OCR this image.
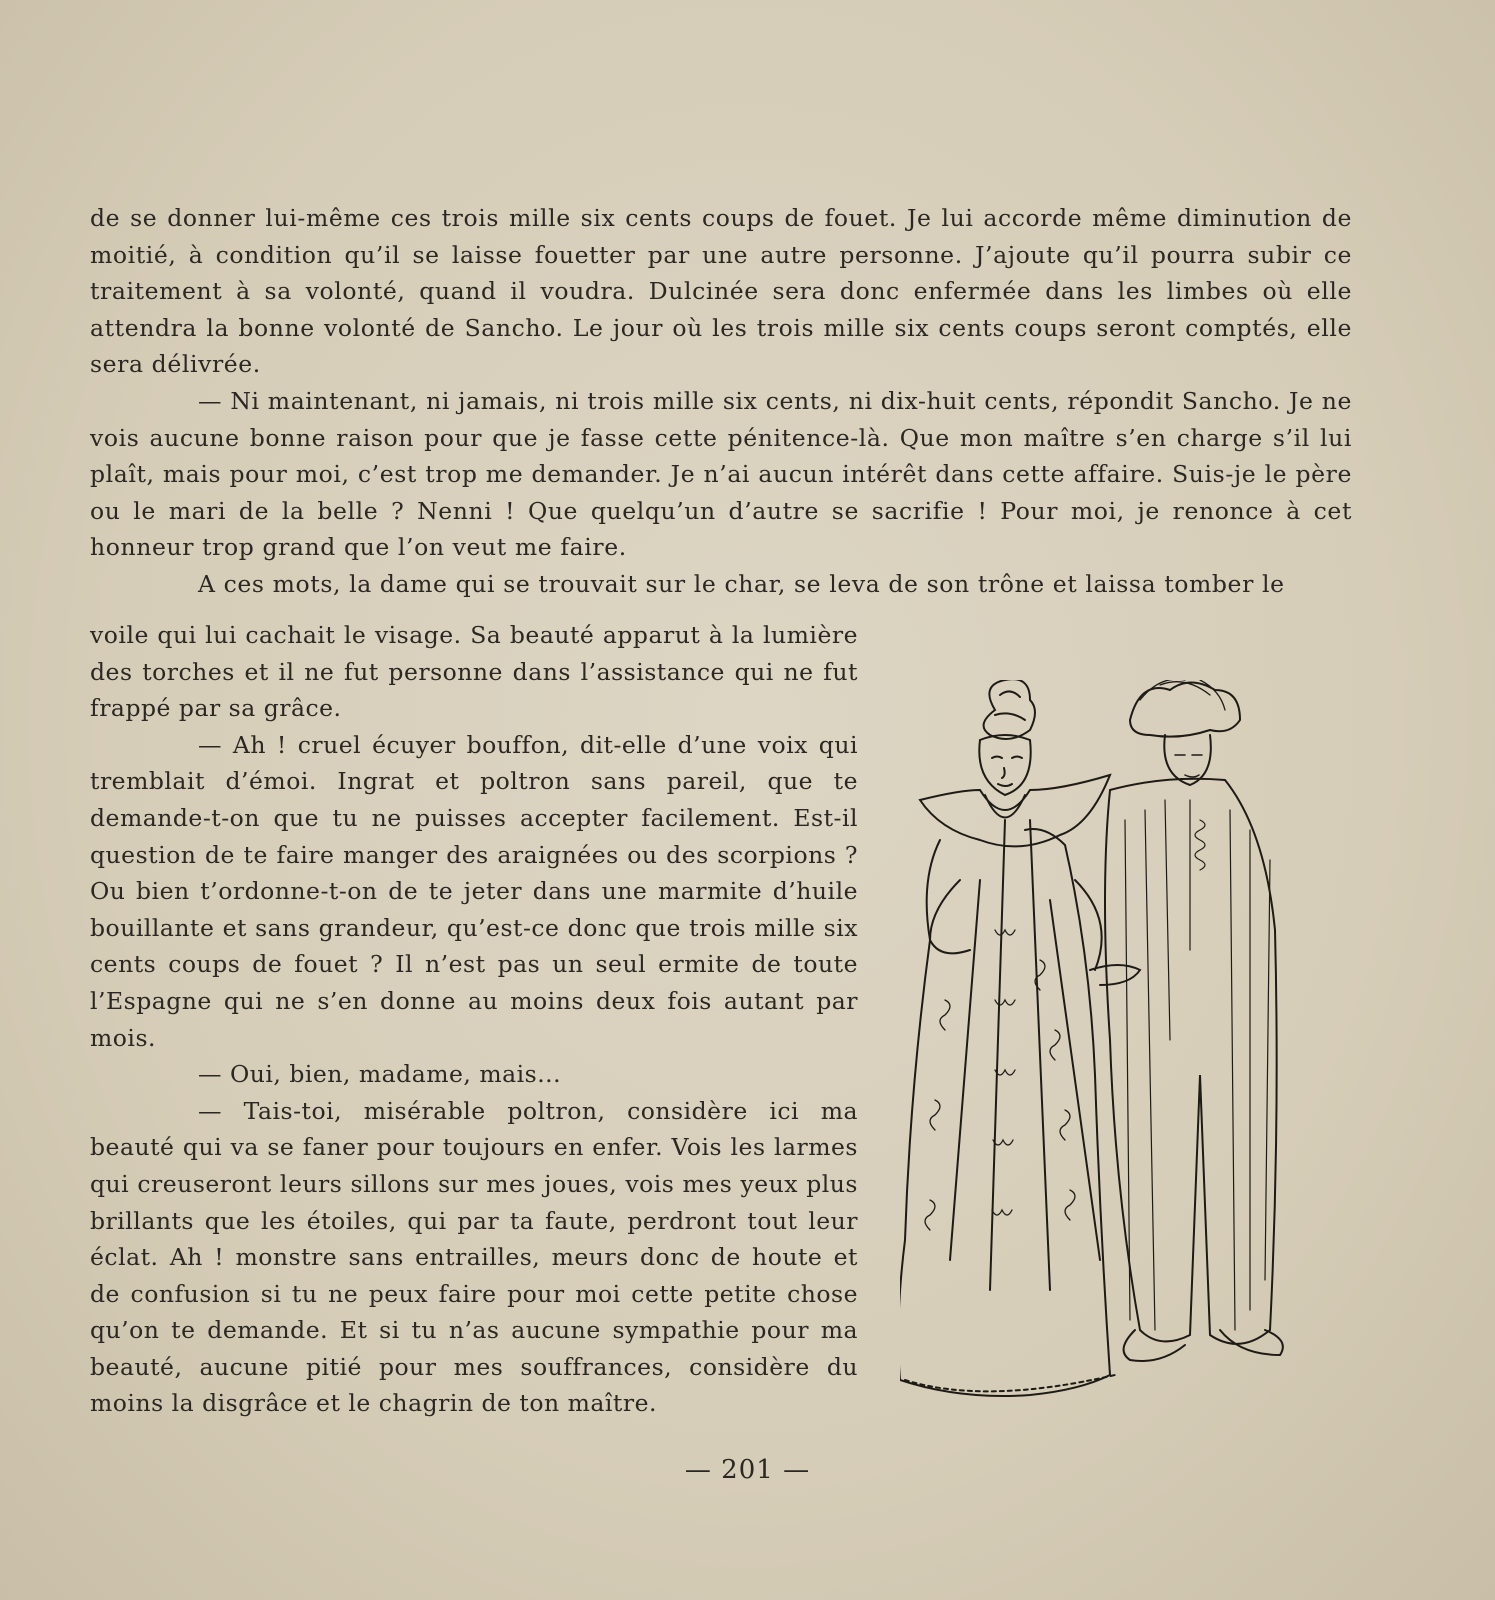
de se donner lui-même ces trois mille six cents coups de fouet. Je lui accorde même diminution de moitié, à condition qu’il se laisse fouetter par une autre personne. J’ajoute qu’il pourra subir ce traitement à sa volonté, quand il voudra. Dulcinée sera donc enfermée dans les limbes où elle attendra la bonne volonté de Sancho. Le jour où les trois mille six cents coups seront comptés, elle sera délivrée.

— Ni maintenant, ni jamais, ni trois mille six cents, ni dix-huit cents, répondit Sancho. Je ne vois aucune bonne raison pour que je fasse cette pénitence-là. Que mon maître s’en charge s’il lui plaît, mais pour moi, c’est trop me demander. Je n’ai aucun intérêt dans cette affaire. Suis-je le père ou le mari de la belle ? Nenni ! Que quelqu’un d’autre se sacrifie ! Pour moi, je renonce à cet honneur trop grand que l’on veut me faire.

A ces mots, la dame qui se trouvait sur le char, se leva de son trône et laissa tomber le

voile qui lui cachait le visage. Sa beauté apparut à la lumière des torches et il ne fut personne dans l’assistance qui ne fut frappé par sa grâce.

— Ah ! cruel écuyer bouffon, dit-elle d’une voix qui tremblait d’émoi. Ingrat et poltron sans pareil, que te demande-t-on que tu ne puisses accepter facilement. Est-il question de te faire manger des araignées ou des scorpions ? Ou bien t’ordonne-t-on de te jeter dans une marmite d’huile bouillante et sans grandeur, qu’est-ce donc que trois mille six cents coups de fouet ? Il n’est pas un seul ermite de toute l’Espagne qui ne s’en donne au moins deux fois autant par mois.

— Oui, bien, madame, mais...

— Tais-toi, misérable poltron, considère ici ma beauté qui va se faner pour toujours en enfer. Vois les larmes qui creuseront leurs sillons sur mes joues, vois mes yeux plus brillants que les étoiles, qui par ta faute, perdront tout leur éclat. Ah ! monstre sans entrailles, meurs donc de houte et de confusion si tu ne peux faire pour moi cette petite chose qu’on te demande. Et si tu n’as aucune sympathie pour ma beauté, aucune pitié pour mes souffrances, considère du moins la disgrâce et le chagrin de ton maître.

— 201 —
